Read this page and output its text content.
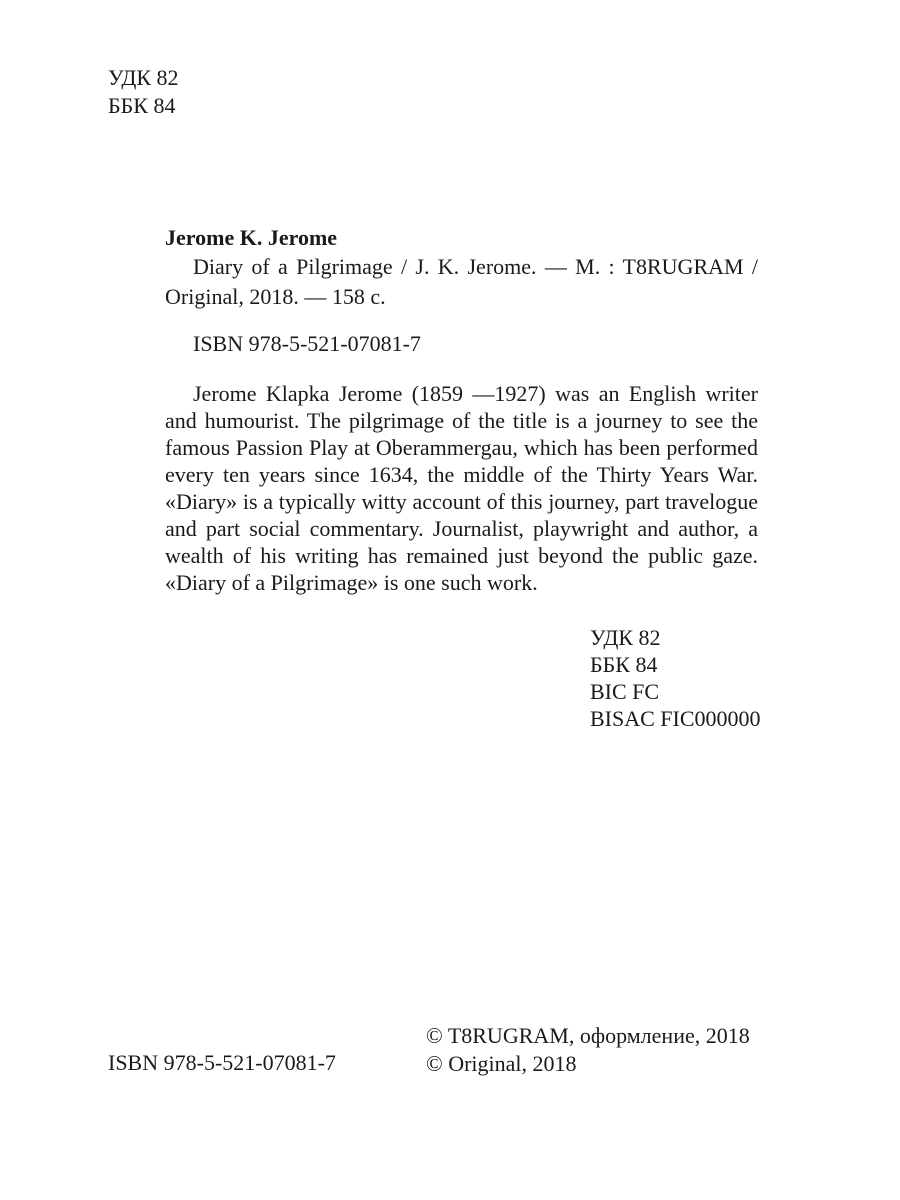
УДК 82
ББК 84
Jerome K. Jerome
Diary of a Pilgrimage / J. K. Jerome. — M. : T8RUGRAM / Original, 2018. — 158 c.
ISBN 978-5-521-07081-7
Jerome Klapka Jerome (1859 —1927) was an English writer and humourist. The pilgrimage of the title is a journey to see the famous Passion Play at Oberammergau, which has been performed every ten years since 1634, the middle of the Thirty Years War. «Diary» is a typically witty account of this journey, part travelogue and part social commentary. Journalist, playwright and author, a wealth of his writing has remained just beyond the public gaze. «Diary of a Pilgrimage» is one such work.
УДК 82
ББК 84
BIC FC
BISAC FIC000000
ISBN 978-5-521-07081-7
© T8RUGRAM, оформление, 2018
© Original, 2018
